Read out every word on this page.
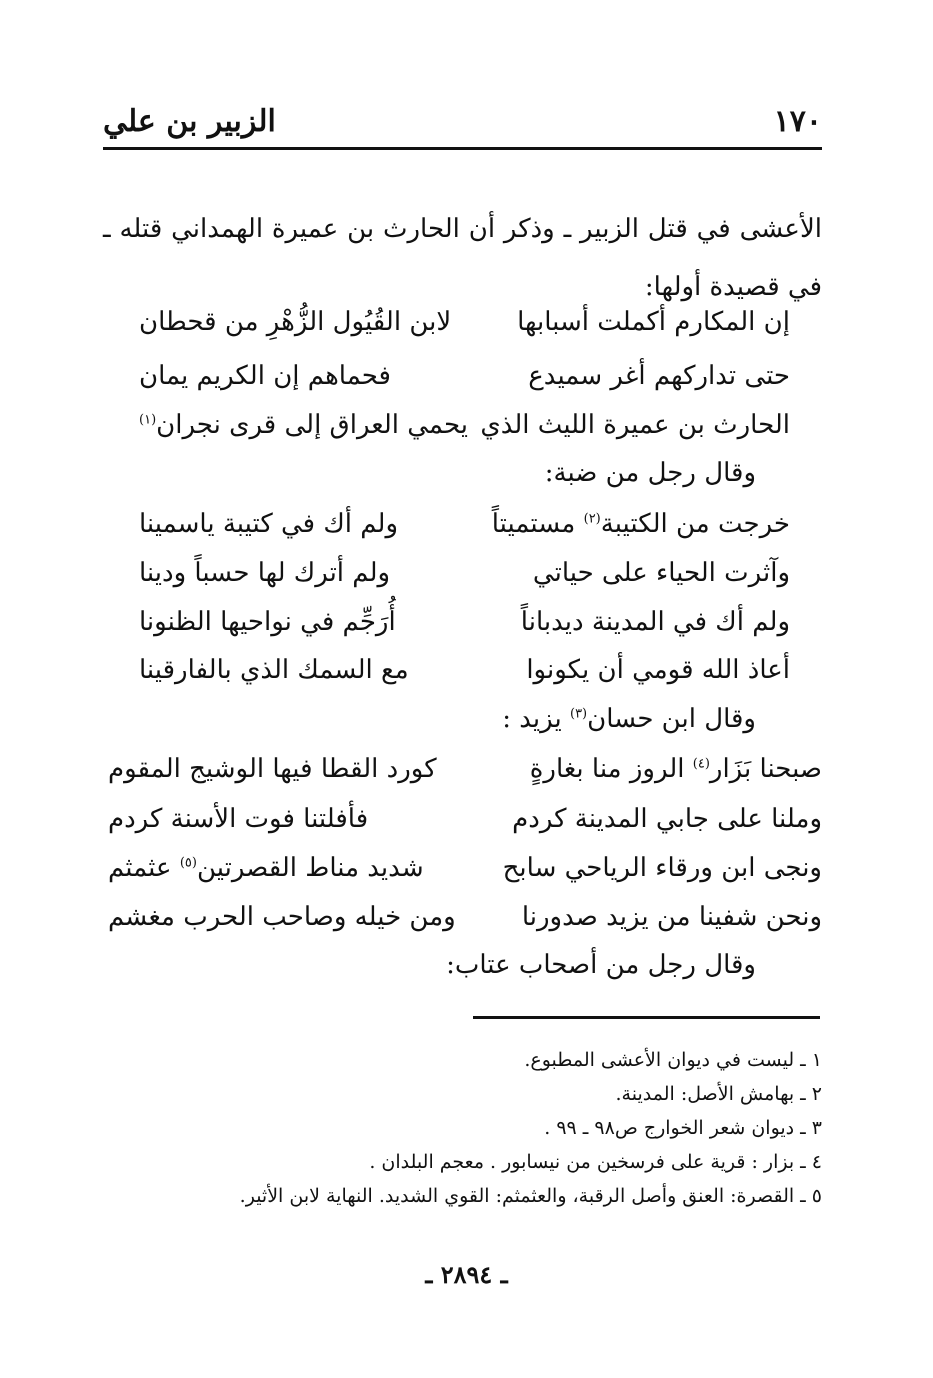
١٧٠
الزبير بن علي
الأعشى في قتل الزبير ـ وذكر أن الحارث بن عميرة الهمداني قتله ـ في قصيدة أولها:
إن المكارم أكملت أسبابها
لابن القُيُول الزُّهْرِ من قحطان
حتى تداركهم أغر سميدع
فحماهم إن الكريم يمان
الحارث بن عميرة الليث الذي
يحمي العراق إلى قرى نجران$^{(١)}$
وقال رجل من ضبة:
خرجت من الكتيبة$^{(٢)}$ مستميتاً
ولم أك في كتيبة ياسمينا
وآثرت الحياء على حياتي
ولم أترك لها حسباً ودينا
ولم أك في المدينة ديدباناً
أُرَجِّم في نواحيها الظنونا
أعاذ الله قومي أن يكونوا
مع السمك الذي بالفارقينا
وقال ابن حسان$^{(٣)}$ يزيد :
صبحنا بَزَار$^{(٤)}$ الروز منا بغارةٍ
كورد القطا فيها الوشيج المقوم
وملنا على جابي المدينة كردم
فأفلتنا فوت الأسنة كردم
ونجى ابن ورقاء الرياحي سابح
شديد مناط القصرتين$^{(٥)}$ عثمثم
ونحن شفينا من يزيد صدورنا
ومن خيله وصاحب الحرب مغشم
وقال رجل من أصحاب عتاب:
١ ـ ليست في ديوان الأعشى المطبوع.
٢ ـ بهامش الأصل: المدينة.
٣ ـ ديوان شعر الخوارج ص٩٨ ـ ٩٩ .
٤ ـ بزار : قرية على فرسخين من نيسابور . معجم البلدان .
٥ ـ القصرة: العنق وأصل الرقبة، والعثمثم: القوي الشديد. النهاية لابن الأثير.
ـ ٢٨٩٤ ـ
